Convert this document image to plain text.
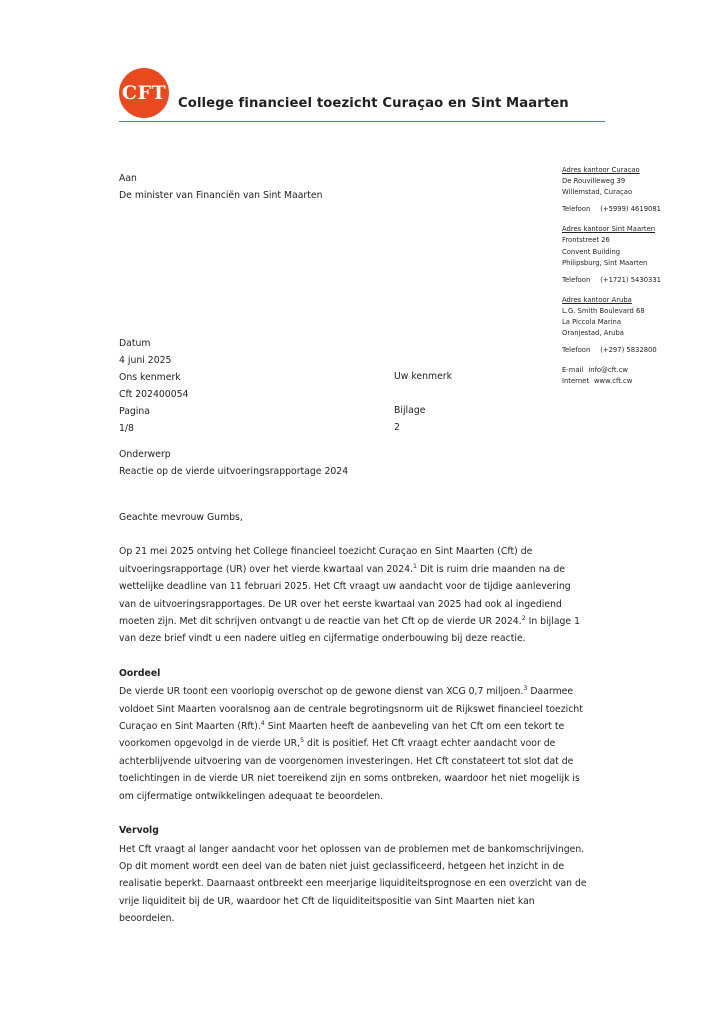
CFT College financieel toezicht Curaçao en Sint Maarten
Aan
De minister van Financiën van Sint Maarten
Adres kantoor Curaçao
De Rouvilleweg 39
Willemstad, Curaçao
Telefoon (+5999) 4619081
Adres kantoor Sint Maarten
Frontstreet 26
Convent Building
Philipsburg, Sint Maarten
Telefoon (+1721) 5430331
Adres kantoor Aruba
L.G. Smith Boulevard 68
La Piccola Marina
Oranjestad, Aruba
Telefoon (+297) 5832800
E-mail info@cft.cw
Internet www.cft.cw
Datum
4 juni 2025
Ons kenmerk
Cft 202400054
Pagina
1/8
Uw kenmerk

Bijlage
2
Onderwerp
Reactie op de vierde uitvoeringsrapportage 2024

Geachte mevrouw Gumbs,

Op 21 mei 2025 ontving het College financieel toezicht Curaçao en Sint Maarten (Cft) de uitvoeringsrapportage (UR) over het vierde kwartaal van 2024.$^1$ Dit is ruim drie maanden na de wettelijke deadline van 11 februari 2025. Het Cft vraagt uw aandacht voor de tijdige aanlevering van de uitvoeringsrapportages. De UR over het eerste kwartaal van 2025 had ook al ingediend moeten zijn. Met dit schrijven ontvangt u de reactie van het Cft op de vierde UR 2024.$^2$ In bijlage 1 van deze brief vindt u een nadere uitleg en cijfermatige onderbouwing bij deze reactie.

Oordeel

De vierde UR toont een voorlopig overschot op de gewone dienst van XCG 0,7 miljoen.$^3$ Daarmee voldoet Sint Maarten vooralsnog aan de centrale begrotingsnorm uit de Rijkswet financieel toezicht Curaçao en Sint Maarten (Rft).$^4$ Sint Maarten heeft de aanbeveling van het Cft om een tekort te voorkomen opgevolgd in de vierde UR,$^5$ dit is positief. Het Cft vraagt echter aandacht voor de achterblijvende uitvoering van de voorgenomen investeringen. Het Cft constateert tot slot dat de toelichtingen in de vierde UR niet toereikend zijn en soms ontbreken, waardoor het niet mogelijk is om cijfermatige ontwikkelingen adequaat te beoordelen.

Vervolg

Het Cft vraagt al langer aandacht voor het oplossen van de problemen met de bankomschrijvingen. Op dit moment wordt een deel van de baten niet juist geclassificeerd, hetgeen het inzicht in de realisatie beperkt. Daarnaast ontbreekt een meerjarige liquiditeitsprognose en een overzicht van de vrije liquiditeit bij de UR, waardoor het Cft de liquiditeitspositie van Sint Maarten niet kan beoordelen.
